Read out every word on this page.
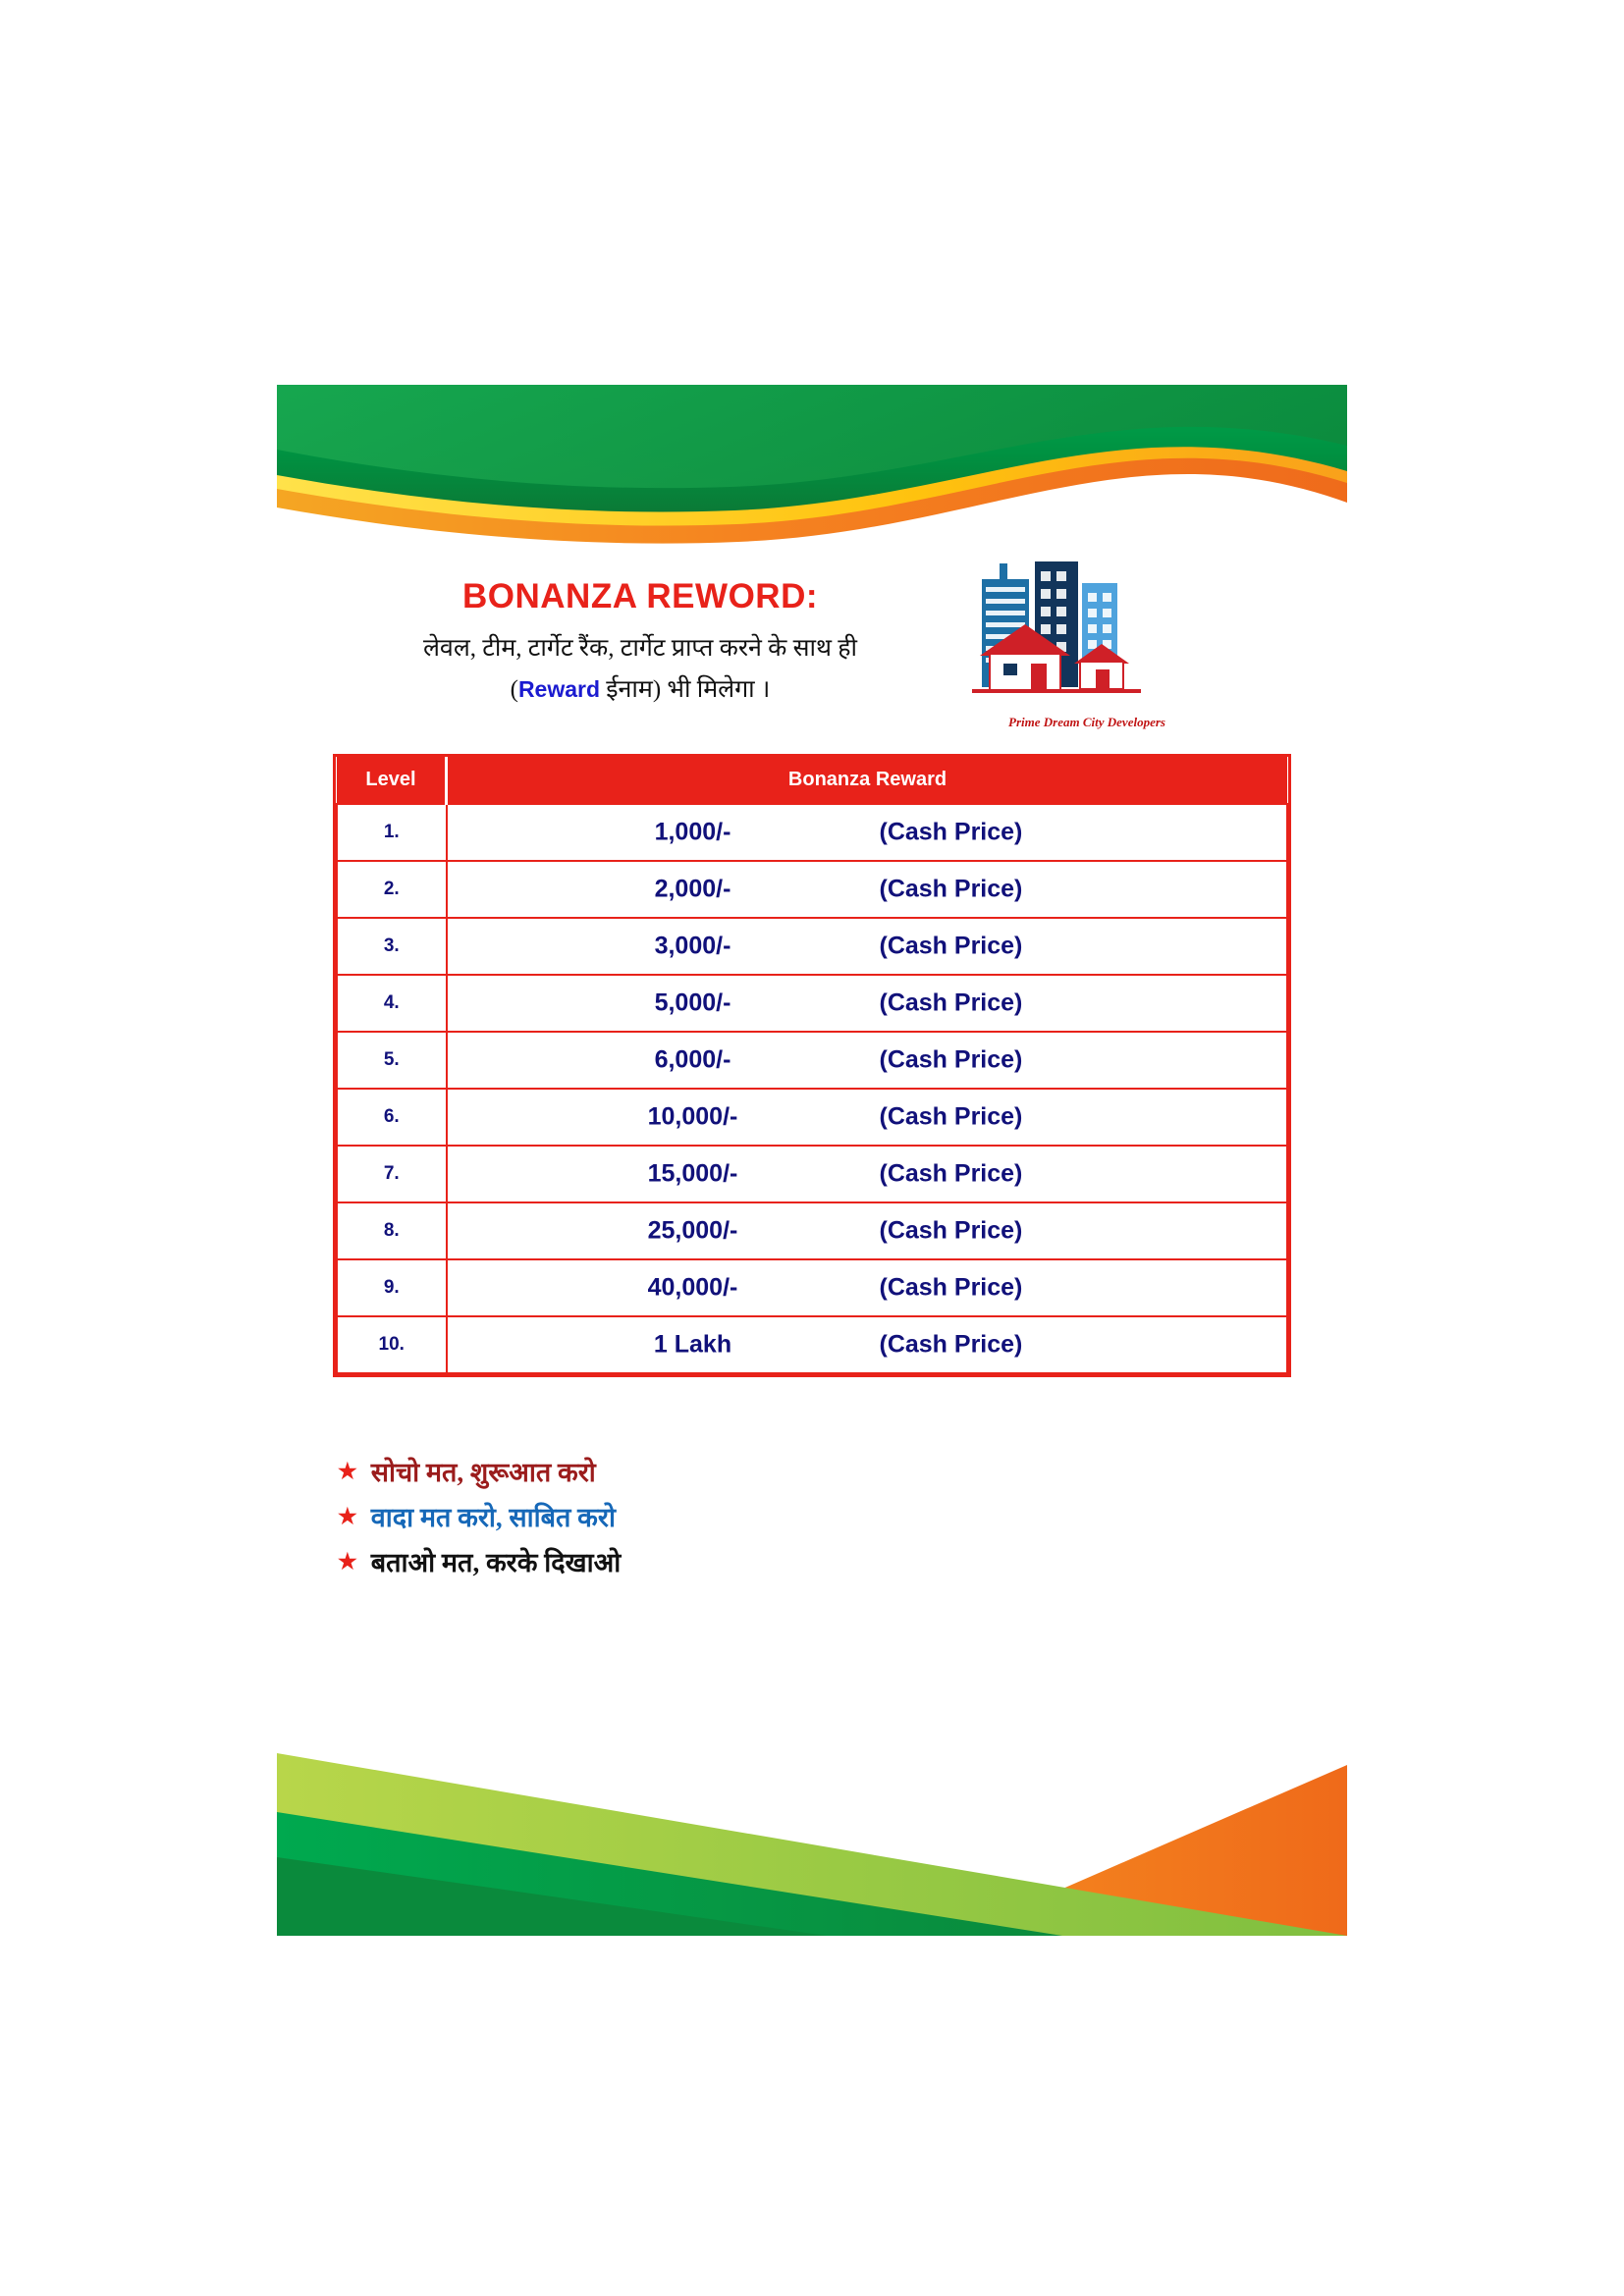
BONANZA REWORD:
लेवल, टीम, टार्गेट रैंक, टार्गेट प्राप्त करने के साथ ही
(Reward ईनाम) भी मिलेगा ।
Prime Dream City Developers
Level	Bonanza Reward
1.	1,000/- (Cash Price)

2.	2,000/- (Cash Price)

3.	3,000/- (Cash Price)

4.	5,000/- (Cash Price)

5.	6,000/- (Cash Price)

6.	10,000/- (Cash Price)

7.	15,000/- (Cash Price)

8.	25,000/- (Cash Price)

9.	40,000/- (Cash Price)

10.	1 Lakh (Cash Price)
★ सोचो मत, शुरूआत करो
★ वादा मत करो, साबित करो
★ बताओ मत, करके दिखाओ
